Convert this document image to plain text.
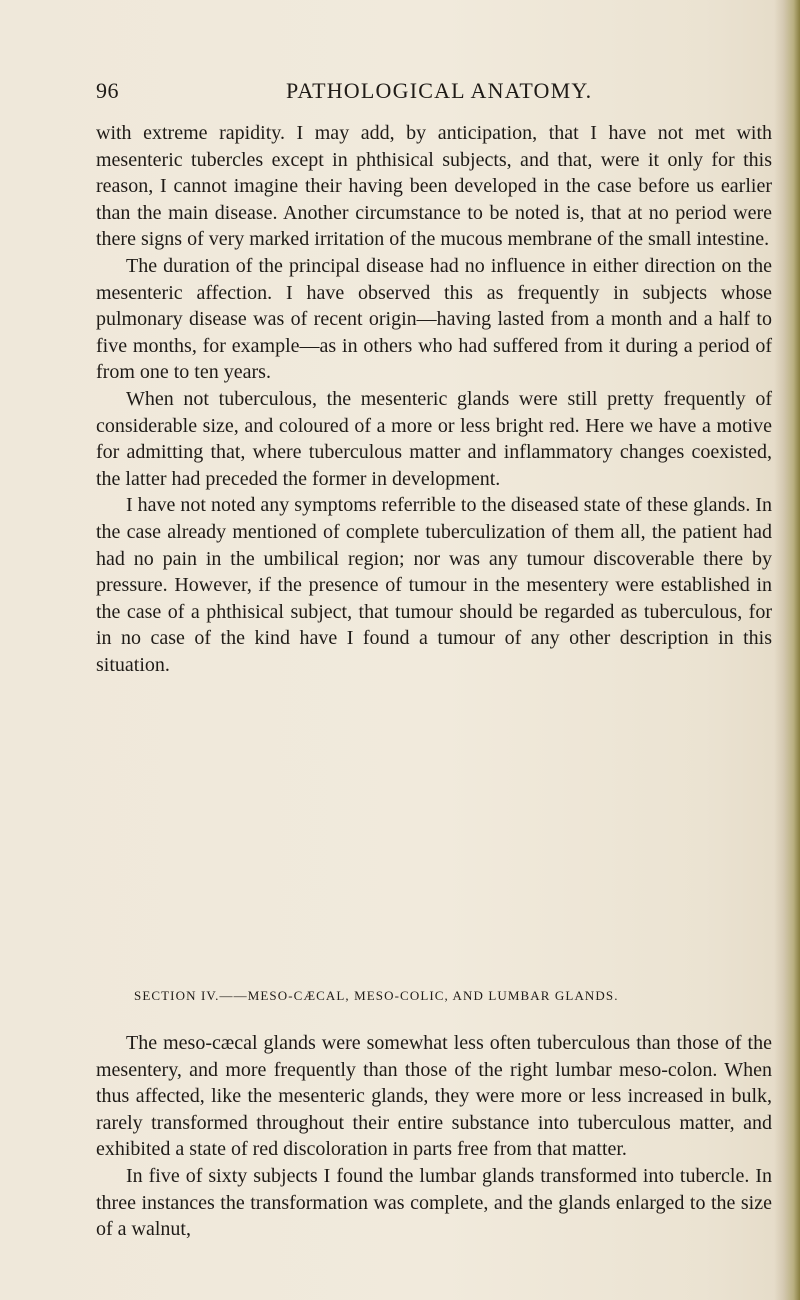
96	PATHOLOGICAL ANATOMY.

with extreme rapidity. I may add, by anticipation, that I have not met with mesenteric tubercles except in phthisical subjects, and that, were it only for this reason, I cannot imagine their having been developed in the case before us earlier than the main disease. Another circumstance to be noted is, that at no period were there signs of very marked irritation of the mucous membrane of the small intestine.

The duration of the principal disease had no influence in either direction on the mesenteric affection. I have observed this as frequently in subjects whose pulmonary disease was of recent origin—having lasted from a month and a half to five months, for example—as in others who had suffered from it during a period of from one to ten years.

When not tuberculous, the mesenteric glands were still pretty frequently of considerable size, and coloured of a more or less bright red. Here we have a motive for admitting that, where tuberculous matter and inflammatory changes coexisted, the latter had preceded the former in development.

I have not noted any symptoms referrible to the diseased state of these glands. In the case already mentioned of complete tuberculization of them all, the patient had had no pain in the umbilical region; nor was any tumour discoverable there by pressure. However, if the presence of tumour in the mesentery were established in the case of a phthisical subject, that tumour should be regarded as tuberculous, for in no case of the kind have I found a tumour of any other description in this situation.

SECTION IV.——MESO-CÆCAL, MESO-COLIC, AND LUMBAR GLANDS.

The meso-cæcal glands were somewhat less often tuberculous than those of the mesentery, and more frequently than those of the right lumbar meso-colon. When thus affected, like the mesenteric glands, they were more or less increased in bulk, rarely transformed throughout their entire substance into tuberculous matter, and exhibited a state of red discoloration in parts free from that matter.

In five of sixty subjects I found the lumbar glands transformed into tubercle. In three instances the transformation was complete, and the glands enlarged to the size of a walnut,
